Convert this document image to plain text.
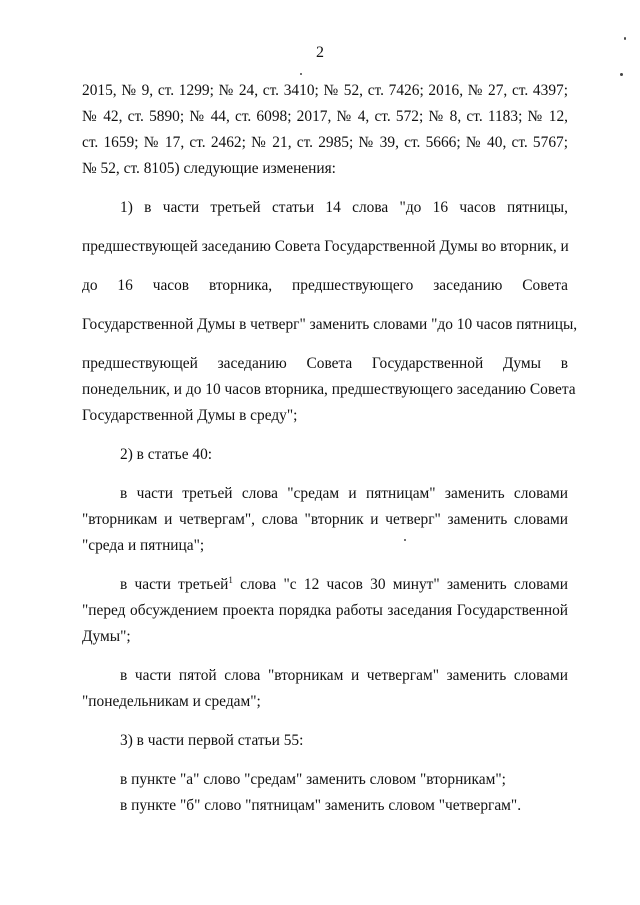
2
2015, № 9, ст. 1299; № 24, ст. 3410; № 52, ст. 7426; 2016, № 27, ст. 4397;
№ 42, ст. 5890; № 44, ст. 6098; 2017, № 4, ст. 572; № 8, ст. 1183; № 12,
ст. 1659; № 17, ст. 2462; № 21, ст. 2985; № 39, ст. 5666; № 40, ст. 5767;
№ 52, ст. 8105) следующие изменения:
1) в части третьей статьи 14 слова "до 16 часов пятницы,
предшествующей заседанию Совета Государственной Думы во вторник, и
до 16 часов вторника, предшествующего заседанию Совета
Государственной Думы в четверг" заменить словами "до 10 часов пятницы,
предшествующей заседанию Совета Государственной Думы в
понедельник, и до 10 часов вторника, предшествующего заседанию Совета
Государственной Думы в среду";
2) в статье 40:
в части третьей слова "средам и пятницам" заменить словами
"вторникам и четвергам", слова "вторник и четверг" заменить словами
"среда и пятница";
в части третьей$^1$ слова "с 12 часов 30 минут" заменить словами
"перед обсуждением проекта порядка работы заседания Государственной
Думы";
в части пятой слова "вторникам и четвергам" заменить словами
"понедельникам и средам";
3) в части первой статьи 55:
в пункте "а" слово "средам" заменить словом "вторникам";
в пункте "б" слово "пятницам" заменить словом "четвергам".
